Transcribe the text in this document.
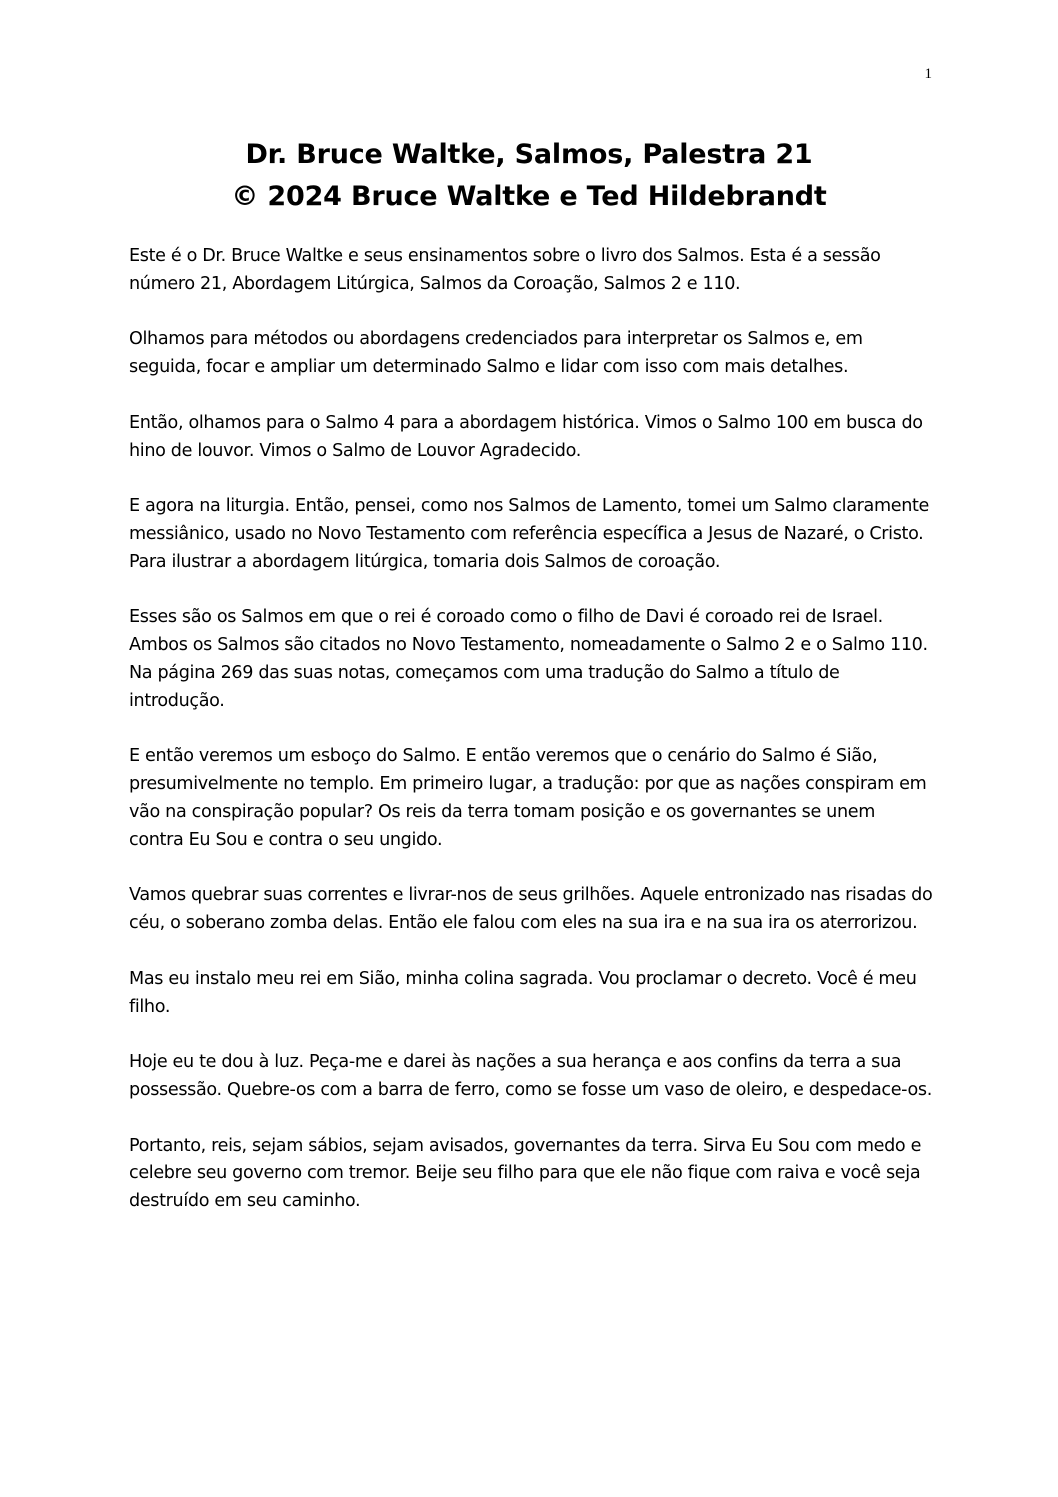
1
Dr. Bruce Waltke, Salmos, Palestra 21
© 2024 Bruce Waltke e Ted Hildebrandt

Este é o Dr. Bruce Waltke e seus ensinamentos sobre o livro dos Salmos. Esta é a sessão número 21, Abordagem Litúrgica, Salmos da Coroação, Salmos 2 e 110.

Olhamos para métodos ou abordagens credenciados para interpretar os Salmos e, em seguida, focar e ampliar um determinado Salmo e lidar com isso com mais detalhes.

Então, olhamos para o Salmo 4 para a abordagem histórica. Vimos o Salmo 100 em busca do hino de louvor. Vimos o Salmo de Louvor Agradecido.

E agora na liturgia. Então, pensei, como nos Salmos de Lamento, tomei um Salmo claramente messiânico, usado no Novo Testamento com referência específica a Jesus de Nazaré, o Cristo. Para ilustrar a abordagem litúrgica, tomaria dois Salmos de coroação.

Esses são os Salmos em que o rei é coroado como o filho de Davi é coroado rei de Israel. Ambos os Salmos são citados no Novo Testamento, nomeadamente o Salmo 2 e o Salmo 110. Na página 269 das suas notas, começamos com uma tradução do Salmo a título de introdução.

E então veremos um esboço do Salmo. E então veremos que o cenário do Salmo é Sião, presumivelmente no templo. Em primeiro lugar, a tradução: por que as nações conspiram em vão na conspiração popular? Os reis da terra tomam posição e os governantes se unem contra Eu Sou e contra o seu ungido.

Vamos quebrar suas correntes e livrar-nos de seus grilhões. Aquele entronizado nas risadas do céu, o soberano zomba delas. Então ele falou com eles na sua ira e na sua ira os aterrorizou.

Mas eu instalo meu rei em Sião, minha colina sagrada. Vou proclamar o decreto. Você é meu filho.

Hoje eu te dou à luz. Peça-me e darei às nações a sua herança e aos confins da terra a sua possessão. Quebre-os com a barra de ferro, como se fosse um vaso de oleiro, e despedace-os.

Portanto, reis, sejam sábios, sejam avisados, governantes da terra. Sirva Eu Sou com medo e celebre seu governo com tremor. Beije seu filho para que ele não fique com raiva e você seja destruído em seu caminho.
